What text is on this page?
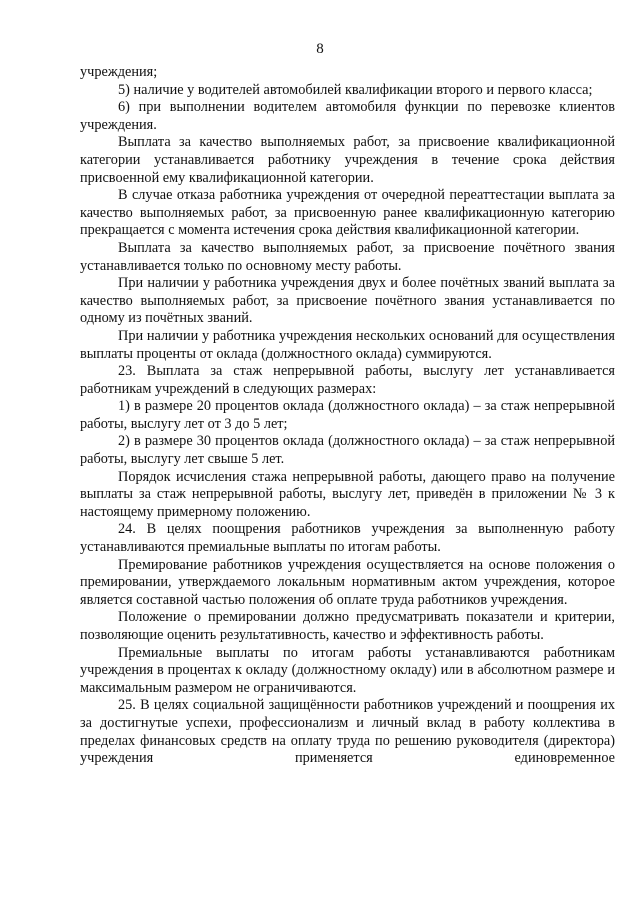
8

учреждения;

5) наличие у водителей автомобилей квалификации второго и первого класса;

6) при выполнении водителем автомобиля функции по перевозке клиентов учреждения.

Выплата за качество выполняемых работ, за присвоение квалификационной категории устанавливается работнику учреждения в течение срока действия присвоенной ему квалификационной категории.

В случае отказа работника учреждения от очередной переаттестации выплата за качество выполняемых работ, за присвоенную ранее квалификационную категорию прекращается с момента истечения срока действия квалификационной категории.

Выплата за качество выполняемых работ, за присвоение почётного звания устанавливается только по основному месту работы.

При наличии у работника учреждения двух и более почётных званий выплата за качество выполняемых работ, за присвоение почётного звания устанавливается по одному из почётных званий.

При наличии у работника учреждения нескольких оснований для осуществления выплаты проценты от оклада (должностного оклада) суммируются.

23. Выплата за стаж непрерывной работы, выслугу лет устанавливается работникам учреждений в следующих размерах:

1) в размере 20 процентов оклада (должностного оклада) – за стаж непрерывной работы, выслугу лет от 3 до 5 лет;

2) в размере 30 процентов оклада (должностного оклада) – за стаж непрерывной работы, выслугу лет свыше 5 лет.

Порядок исчисления стажа непрерывной работы, дающего право на получение выплаты за стаж непрерывной работы, выслугу лет, приведён в приложении № 3 к настоящему примерному положению.

24. В целях поощрения работников учреждения за выполненную работу устанавливаются премиальные выплаты по итогам работы.

Премирование работников учреждения осуществляется на основе положения о премировании, утверждаемого локальным нормативным актом учреждения, которое является составной частью положения об оплате труда работников учреждения.

Положение о премировании должно предусматривать показатели и критерии, позволяющие оценить результативность, качество и эффективность работы.

Премиальные выплаты по итогам работы устанавливаются работникам учреждения в процентах к окладу (должностному окладу) или в абсолютном размере и максимальным размером не ограничиваются.

25. В целях социальной защищённости работников учреждений и поощрения их за достигнутые успехи, профессионализм и личный вклад в работу коллектива в пределах финансовых средств на оплату труда по решению руководителя (директора) учреждения применяется единовременное
